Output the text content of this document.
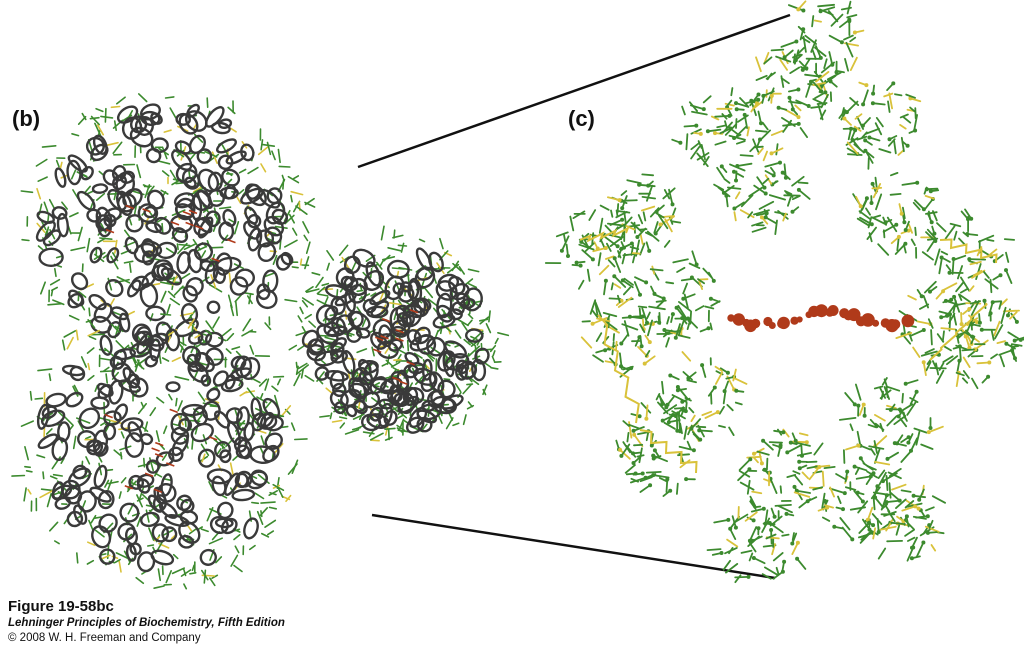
(b)	(c)
Figure 19-58bc
Lehninger Principles of Biochemistry, Fifth Edition
© 2008 W. H. Freeman and Company
